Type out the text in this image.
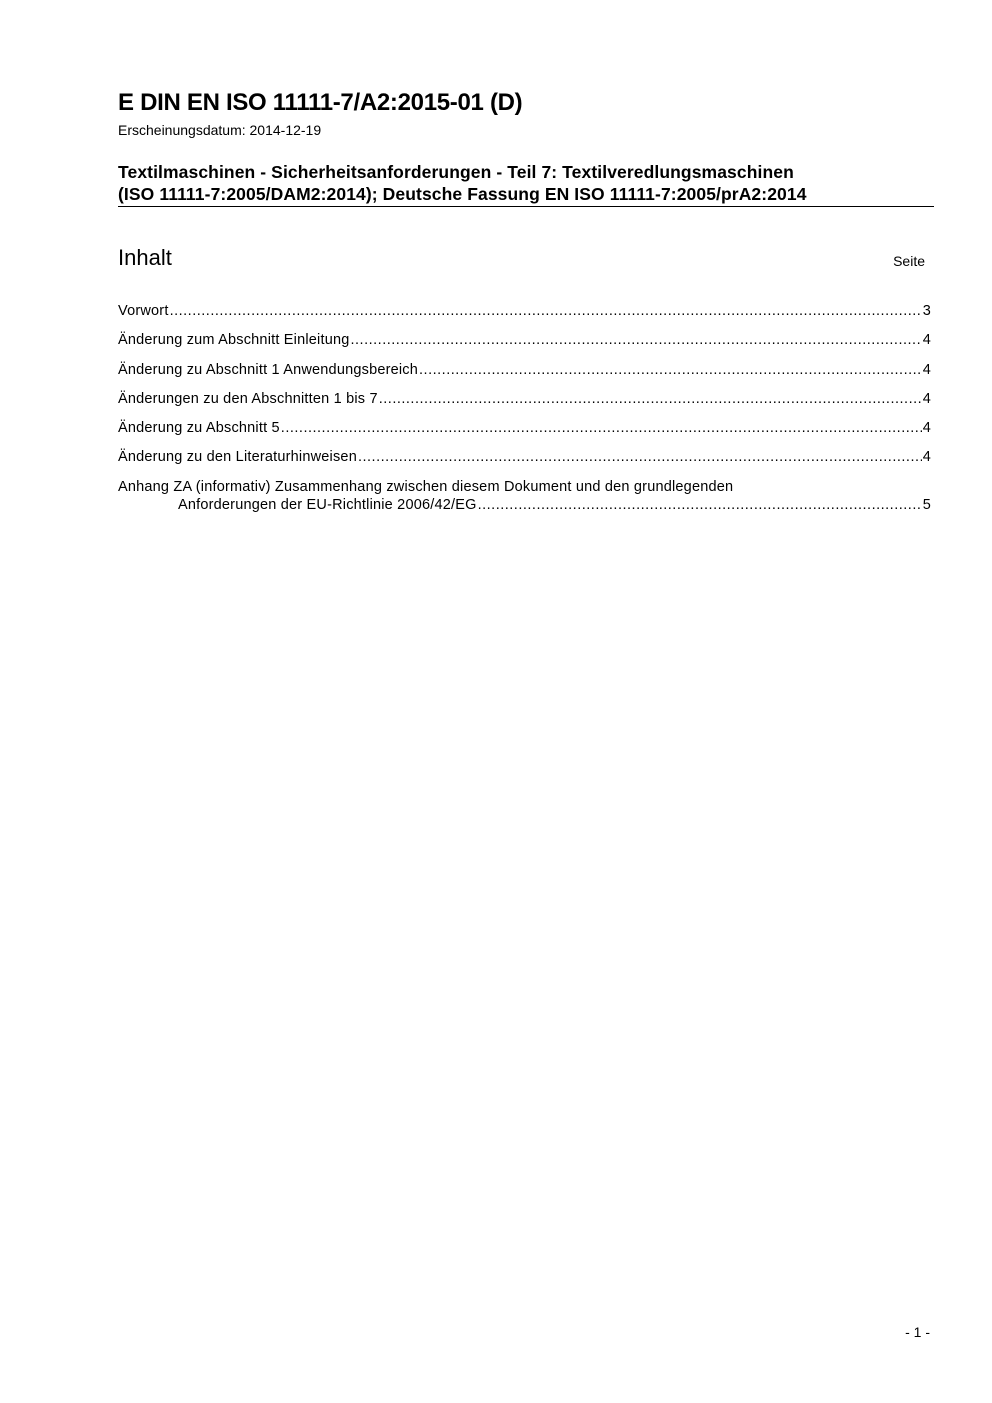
E DIN EN ISO 11111-7/A2:2015-01 (D)
Erscheinungsdatum: 2014-12-19
Textilmaschinen - Sicherheitsanforderungen - Teil 7: Textilveredlungsmaschinen
(ISO 11111-7:2005/DAM2:2014); Deutsche Fassung EN ISO 11111-7:2005/prA2:2014
Inhalt	Seite
Vorwort .....	3
Änderung zum Abschnitt Einleitung .....	4
Änderung zu Abschnitt 1 Anwendungsbereich .....	4
Änderungen zu den Abschnitten 1 bis 7 .....	4
Änderung zu Abschnitt 5 .....	4
Änderung zu den Literaturhinweisen .....	4
Anhang ZA (informativ) Zusammenhang zwischen diesem Dokument und den grundlegenden
Anforderungen der EU-Richtlinie 2006/42/EG .....	5
- 1 -
